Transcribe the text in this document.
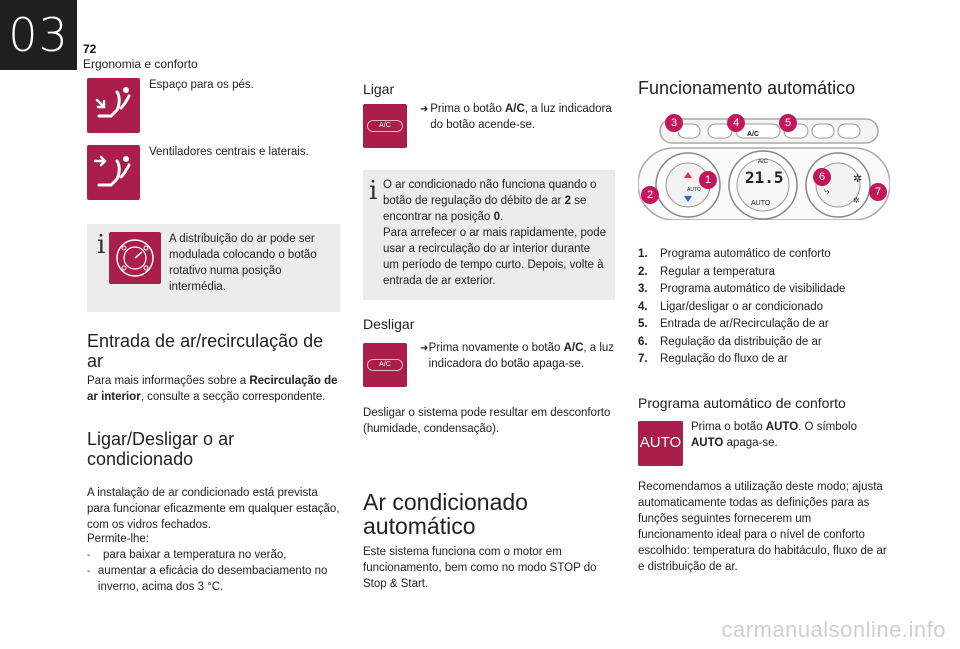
03	72
Ergonomia e conforto
Espaço para os pés.
Ventiladores centrais e laterais.
i	A distribuição do ar pode ser modulada colocando o botão rotativo numa posição intermédia.
Entrada de ar/recirculação de ar
Para mais informações sobre a Recirculação de ar interior, consulte a secção correspondente.
Ligar/Desligar o ar condicionado
A instalação de ar condicionado está prevista para funcionar eficazmente em qualquer estação, com os vidros fechados.
Permite-lhe:
-	para baixar a temperatura no verão,
- aumentar a eficácia do desembaciamento no inverno, acima dos 3 °C.
Ligar
A/C
➜ Prima o botão A/C, a luz indicadora do botão acende-se.
i O ar condicionado não funciona quando o botão de regulação do débito de ar 2 se encontrar na posição 0.
Para arrefecer o ar mais rapidamente, pode usar a recirculação do ar interior durante um período de tempo curto. Depois, volte à entrada de ar exterior.
Desligar
A/C
➜ Prima novamente o botão A/C, a luz indicadora do botão apaga-se.
Desligar o sistema pode resultar em desconforto (humidade, condensação).
Ar condicionado automático
Este sistema funciona com o motor em funcionamento, bem como no modo STOP do Stop & Start.
Funcionamento automático
A/C
A/C
21.5
AUTO
AUTO
✲
✲
⤷
3	4	5
1
2
6
7
1.	Programa automático de conforto
2.	Regular a temperatura
3.	Programa automático de visibilidade
4.	Ligar/desligar o ar condicionado
5.	Entrada de ar/Recirculação de ar
6.	Regulação da distribuição de ar
7.	Regulação do fluxo de ar
Programa automático de conforto
AUTO
Prima o botão AUTO. O símbolo AUTO apaga-se.
Recomendamos a utilização deste modo; ajusta automaticamente todas as definições para as funções seguintes fornecerem um funcionamento ideal para o nível de conforto escolhido: temperatura do habitáculo, fluxo de ar e distribuição de ar.
carmanualsonline.info
